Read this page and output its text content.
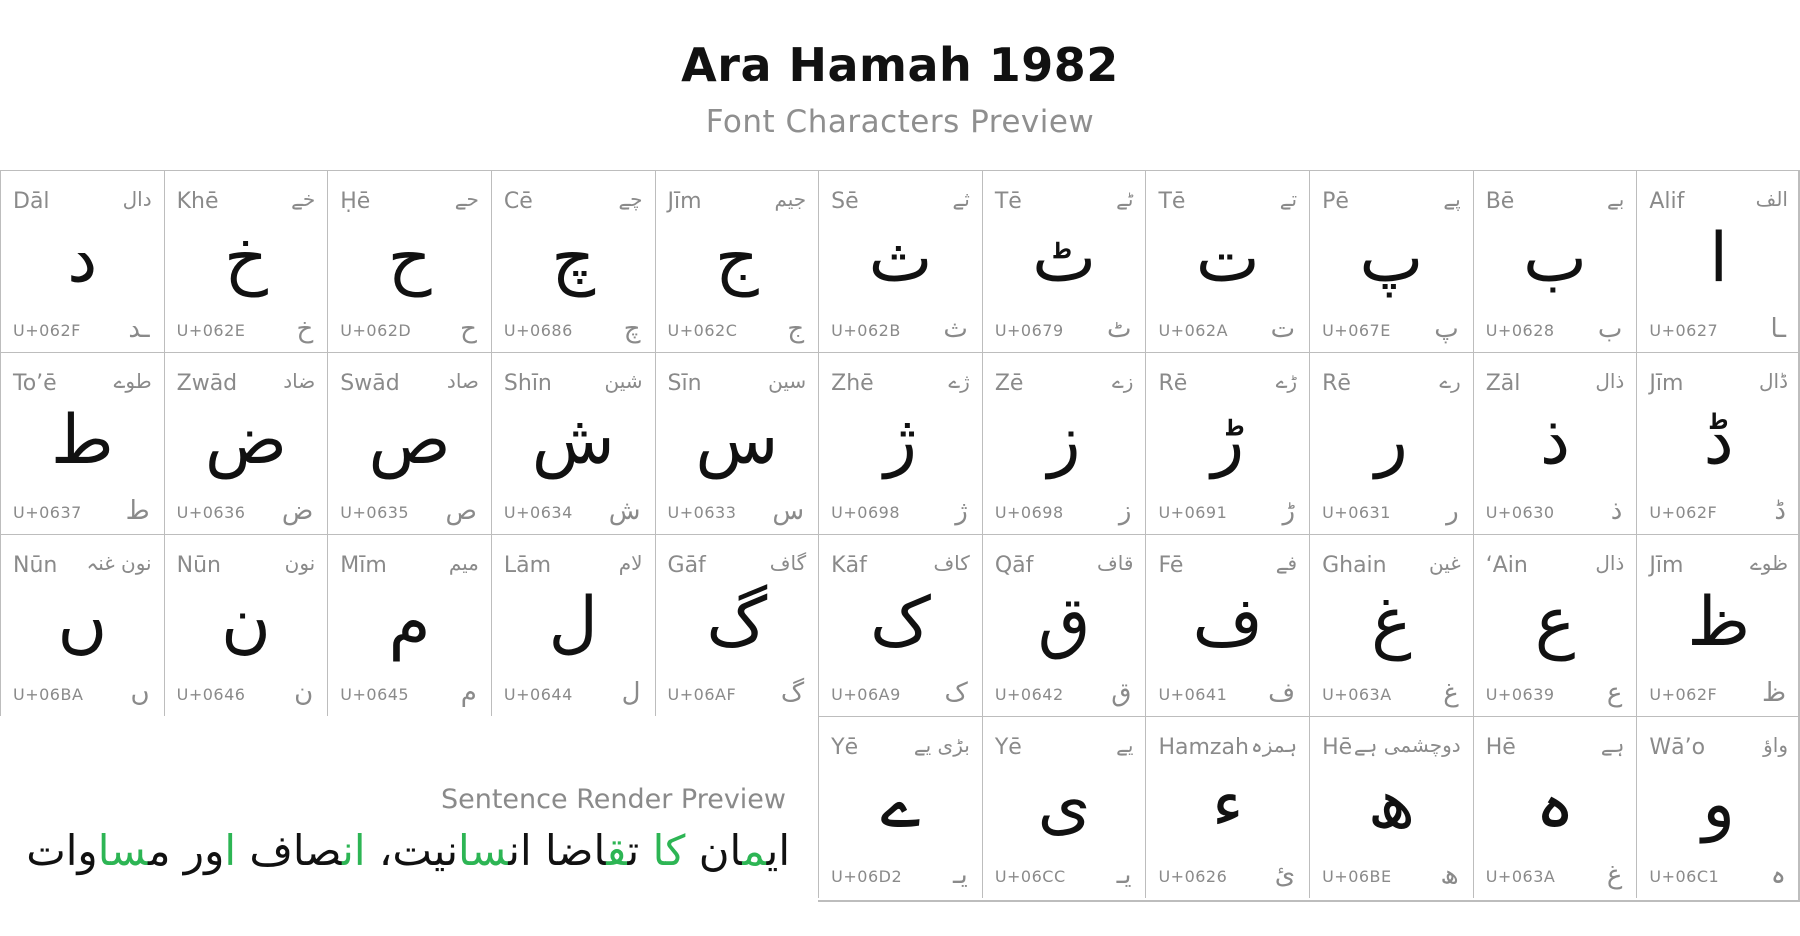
Ara Hamah 1982
Font Characters Preview
Dāl	دال
د
U+062F ـد
Khē	خے
خ
U+062E خ
Ḥē	حے
ح
U+062D ح
Cē	چے
چ
U+0686 چ
Jīm	جیم
ج
U+062C ج
Sē	ثے
ث
U+062B ث
Tē	ٹے
ٹ
U+0679 ٹ
Tē	تے
ت
U+062A ت
Pē	پے
پ
U+067E پ
Bē	بے
ب
U+0628 ب
Alif	الف
ا
U+0627 ـا
To’ē	طوے
ط
U+0637 ط
Zwād ضاد
ض
U+0636 ض
Swād صاد
ص
U+0635 ص
Shīn	شین
ش
U+0634 ش
Sīn	سین
س
U+0633 س
Zhē	ژے
ژ
U+0698 ژ
Zē	زے
ز
U+0698 ز
Rē	ڑے
ڑ
U+0691 ڑ
Rē	رے
ر
U+0631 ر
Zāl	ذال
ذ
U+0630 ذ
Jīm	ڈال
ڈ
U+062F ڈ
Nūn نون غنہ
ں
U+06BA ں
Nūn	نون
ن
U+0646 ن
Mīm	میم
م
U+0645 م
Lām	لام
ل
U+0644 ل
Gāf	گاف
گ
U+06AF گ
Kāf	کاف
ک
U+06A9 ک
Qāf	قاف
ق
U+0642 ق
Fē	فے
ف
U+0641 ف
Ghain غین
غ
U+063A غ
‘Ain	ذال
ع
U+0639 ع
Jīm	ظوے
ظ
U+062F ظ
Yē	بڑی یے
ے
U+06D2 یـ
Yē	یے
ی
U+06CC یـ
Hamzah ہمزہ
ء
U+0626 ئ
Hē دوچشمی ہے
ھ
U+06BE ھ
Hē	ہے
ہ
U+063A غ
Wā’o	واؤ
و
U+06C1 ہ
Sentence Render Preview
ایمان کا تقاضا انسانیت، انصاف اور مساوات
